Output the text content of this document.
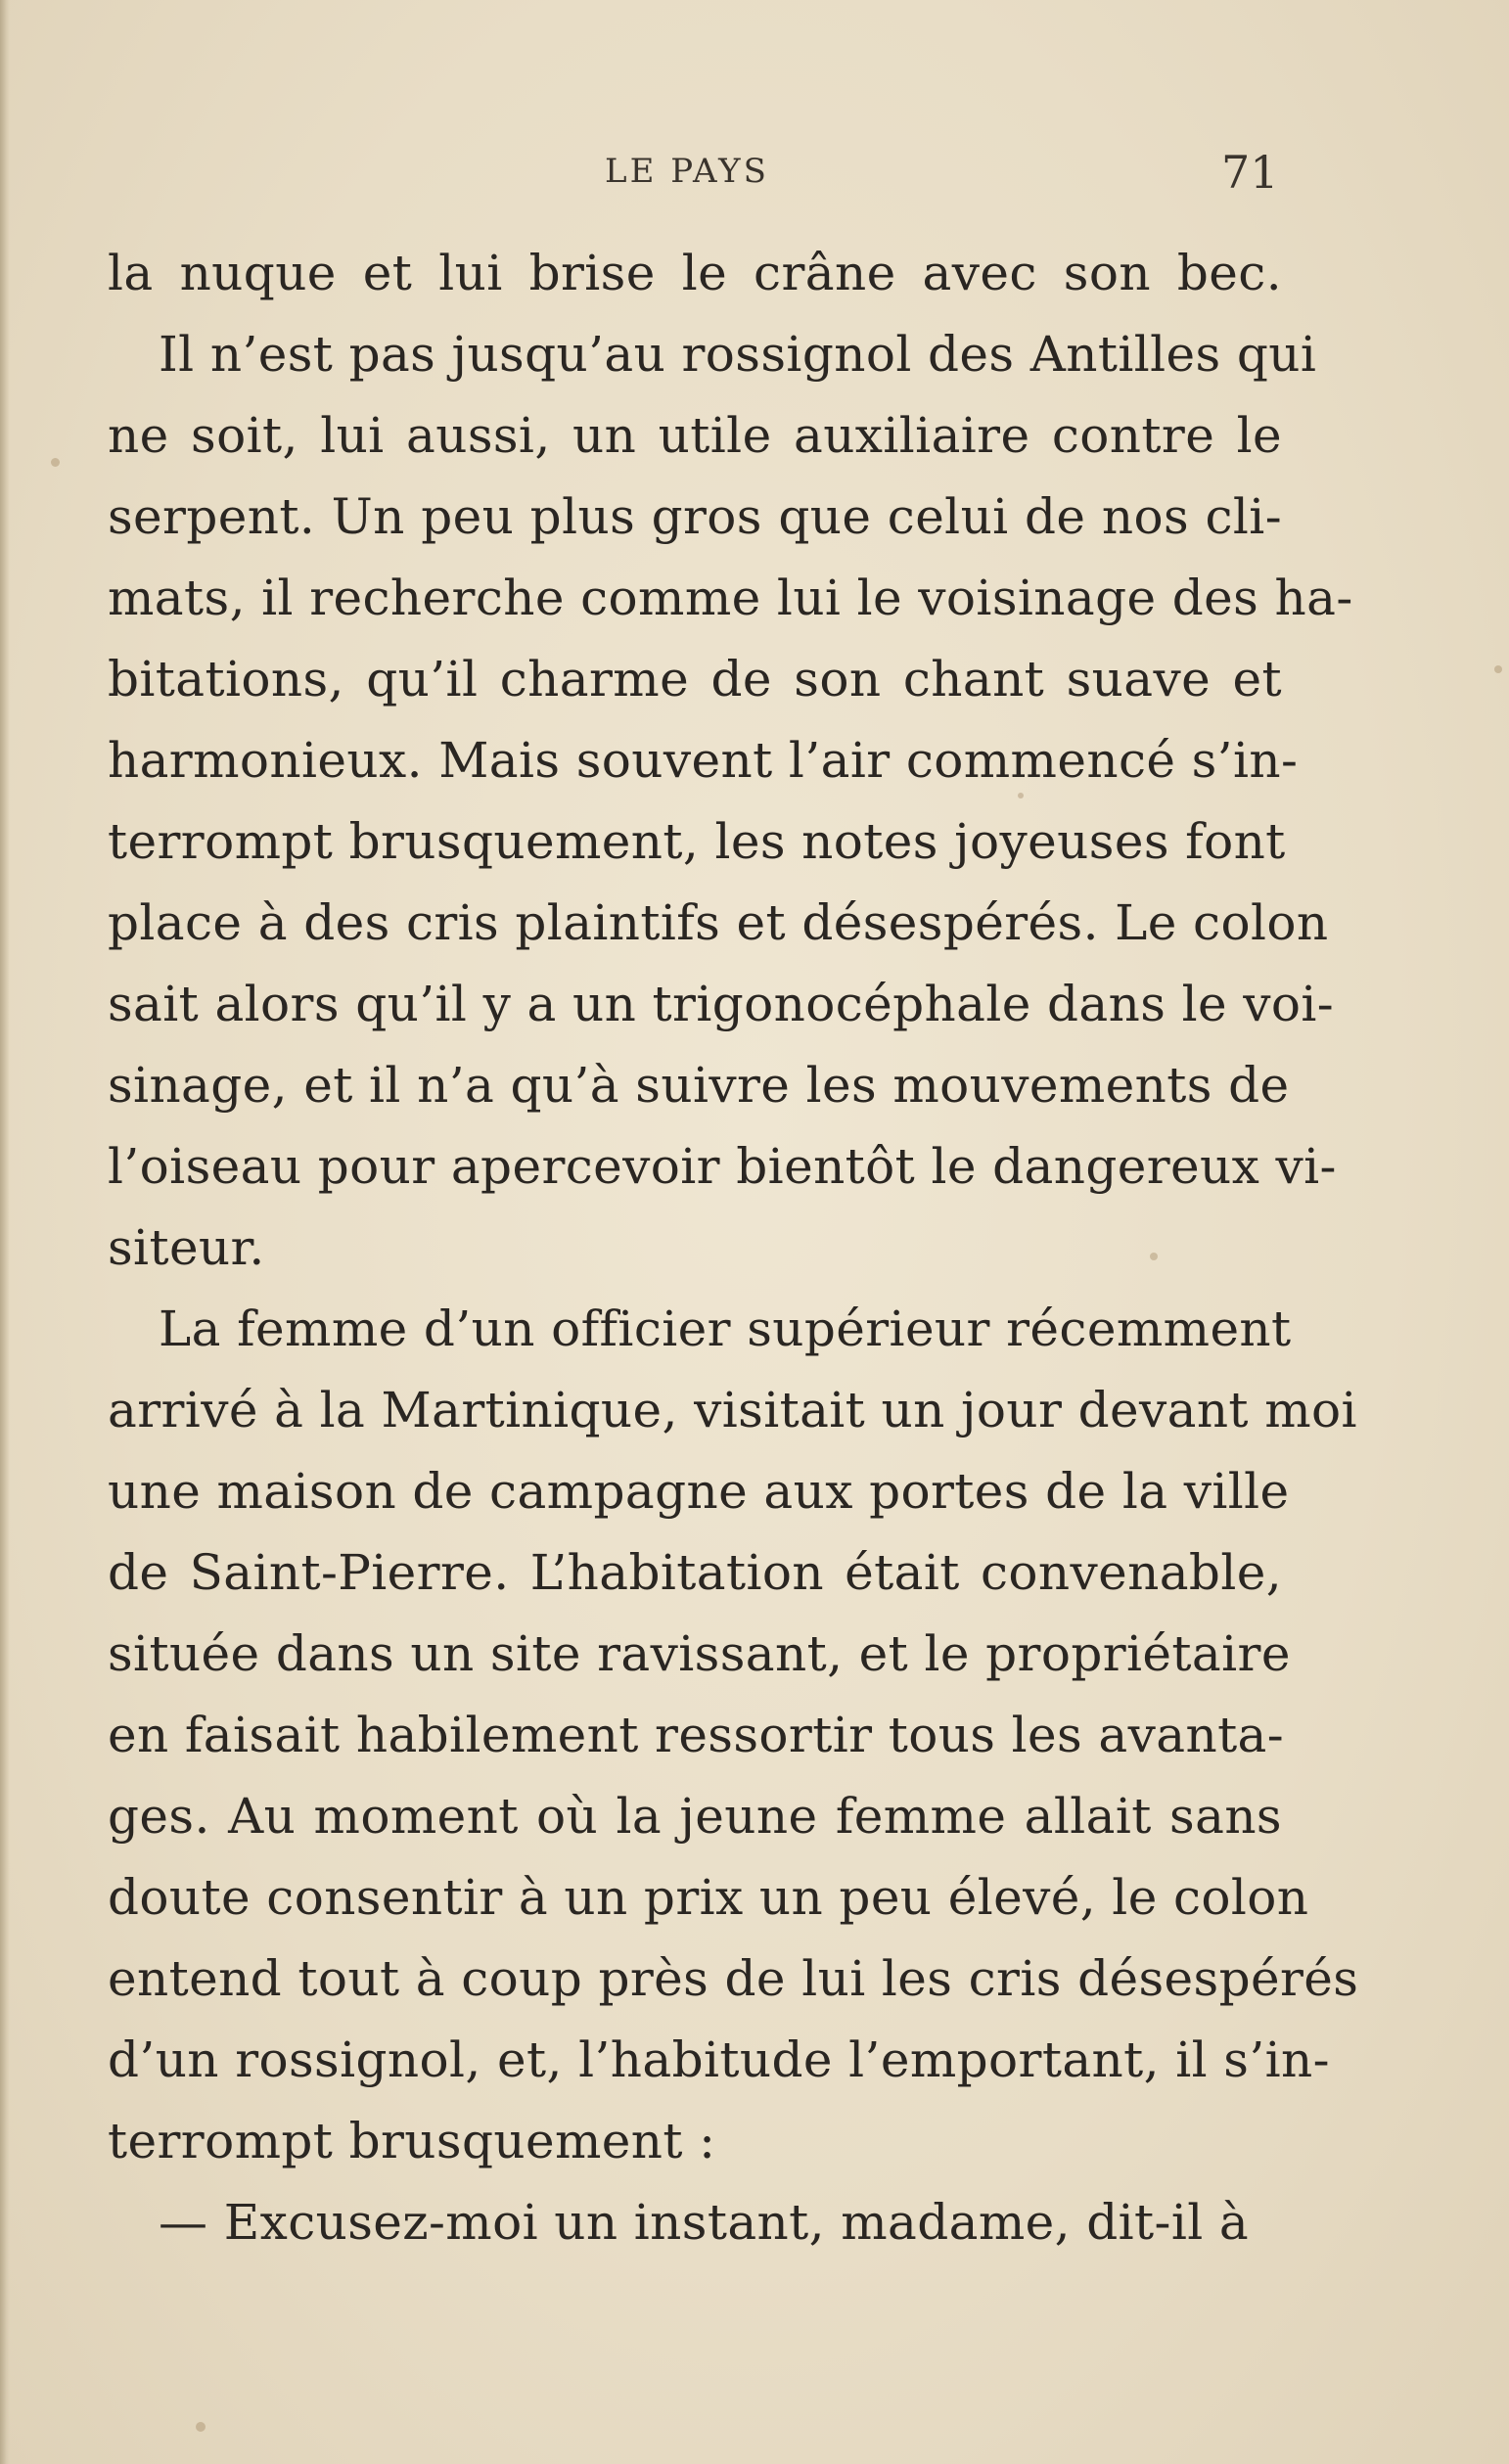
LE PAYS	71
la nuque et lui brise le crâne avec son bec.
Il n’est pas jusqu’au rossignol des Antilles qui
ne soit, lui aussi, un utile auxiliaire contre le
serpent. Un peu plus gros que celui de nos cli-
mats, il recherche comme lui le voisinage des ha-
bitations, qu’il charme de son chant suave et
harmonieux. Mais souvent l’air commencé s’in-
terrompt brusquement, les notes joyeuses font
place à des cris plaintifs et désespérés. Le colon
sait alors qu’il y a un trigonocéphale dans le voi-
sinage, et il n’a qu’à suivre les mouvements de
l’oiseau pour apercevoir bientôt le dangereux vi-
siteur.
La femme d’un officier supérieur récemment
arrivé à la Martinique, visitait un jour devant moi
une maison de campagne aux portes de la ville
de Saint-Pierre. L’habitation était convenable,
située dans un site ravissant, et le propriétaire
en faisait habilement ressortir tous les avanta-
ges. Au moment où la jeune femme allait sans
doute consentir à un prix un peu élevé, le colon
entend tout à coup près de lui les cris désespérés
d’un rossignol, et, l’habitude l’emportant, il s’in-
terrompt brusquement :
— Excusez-moi un instant, madame, dit-il à
